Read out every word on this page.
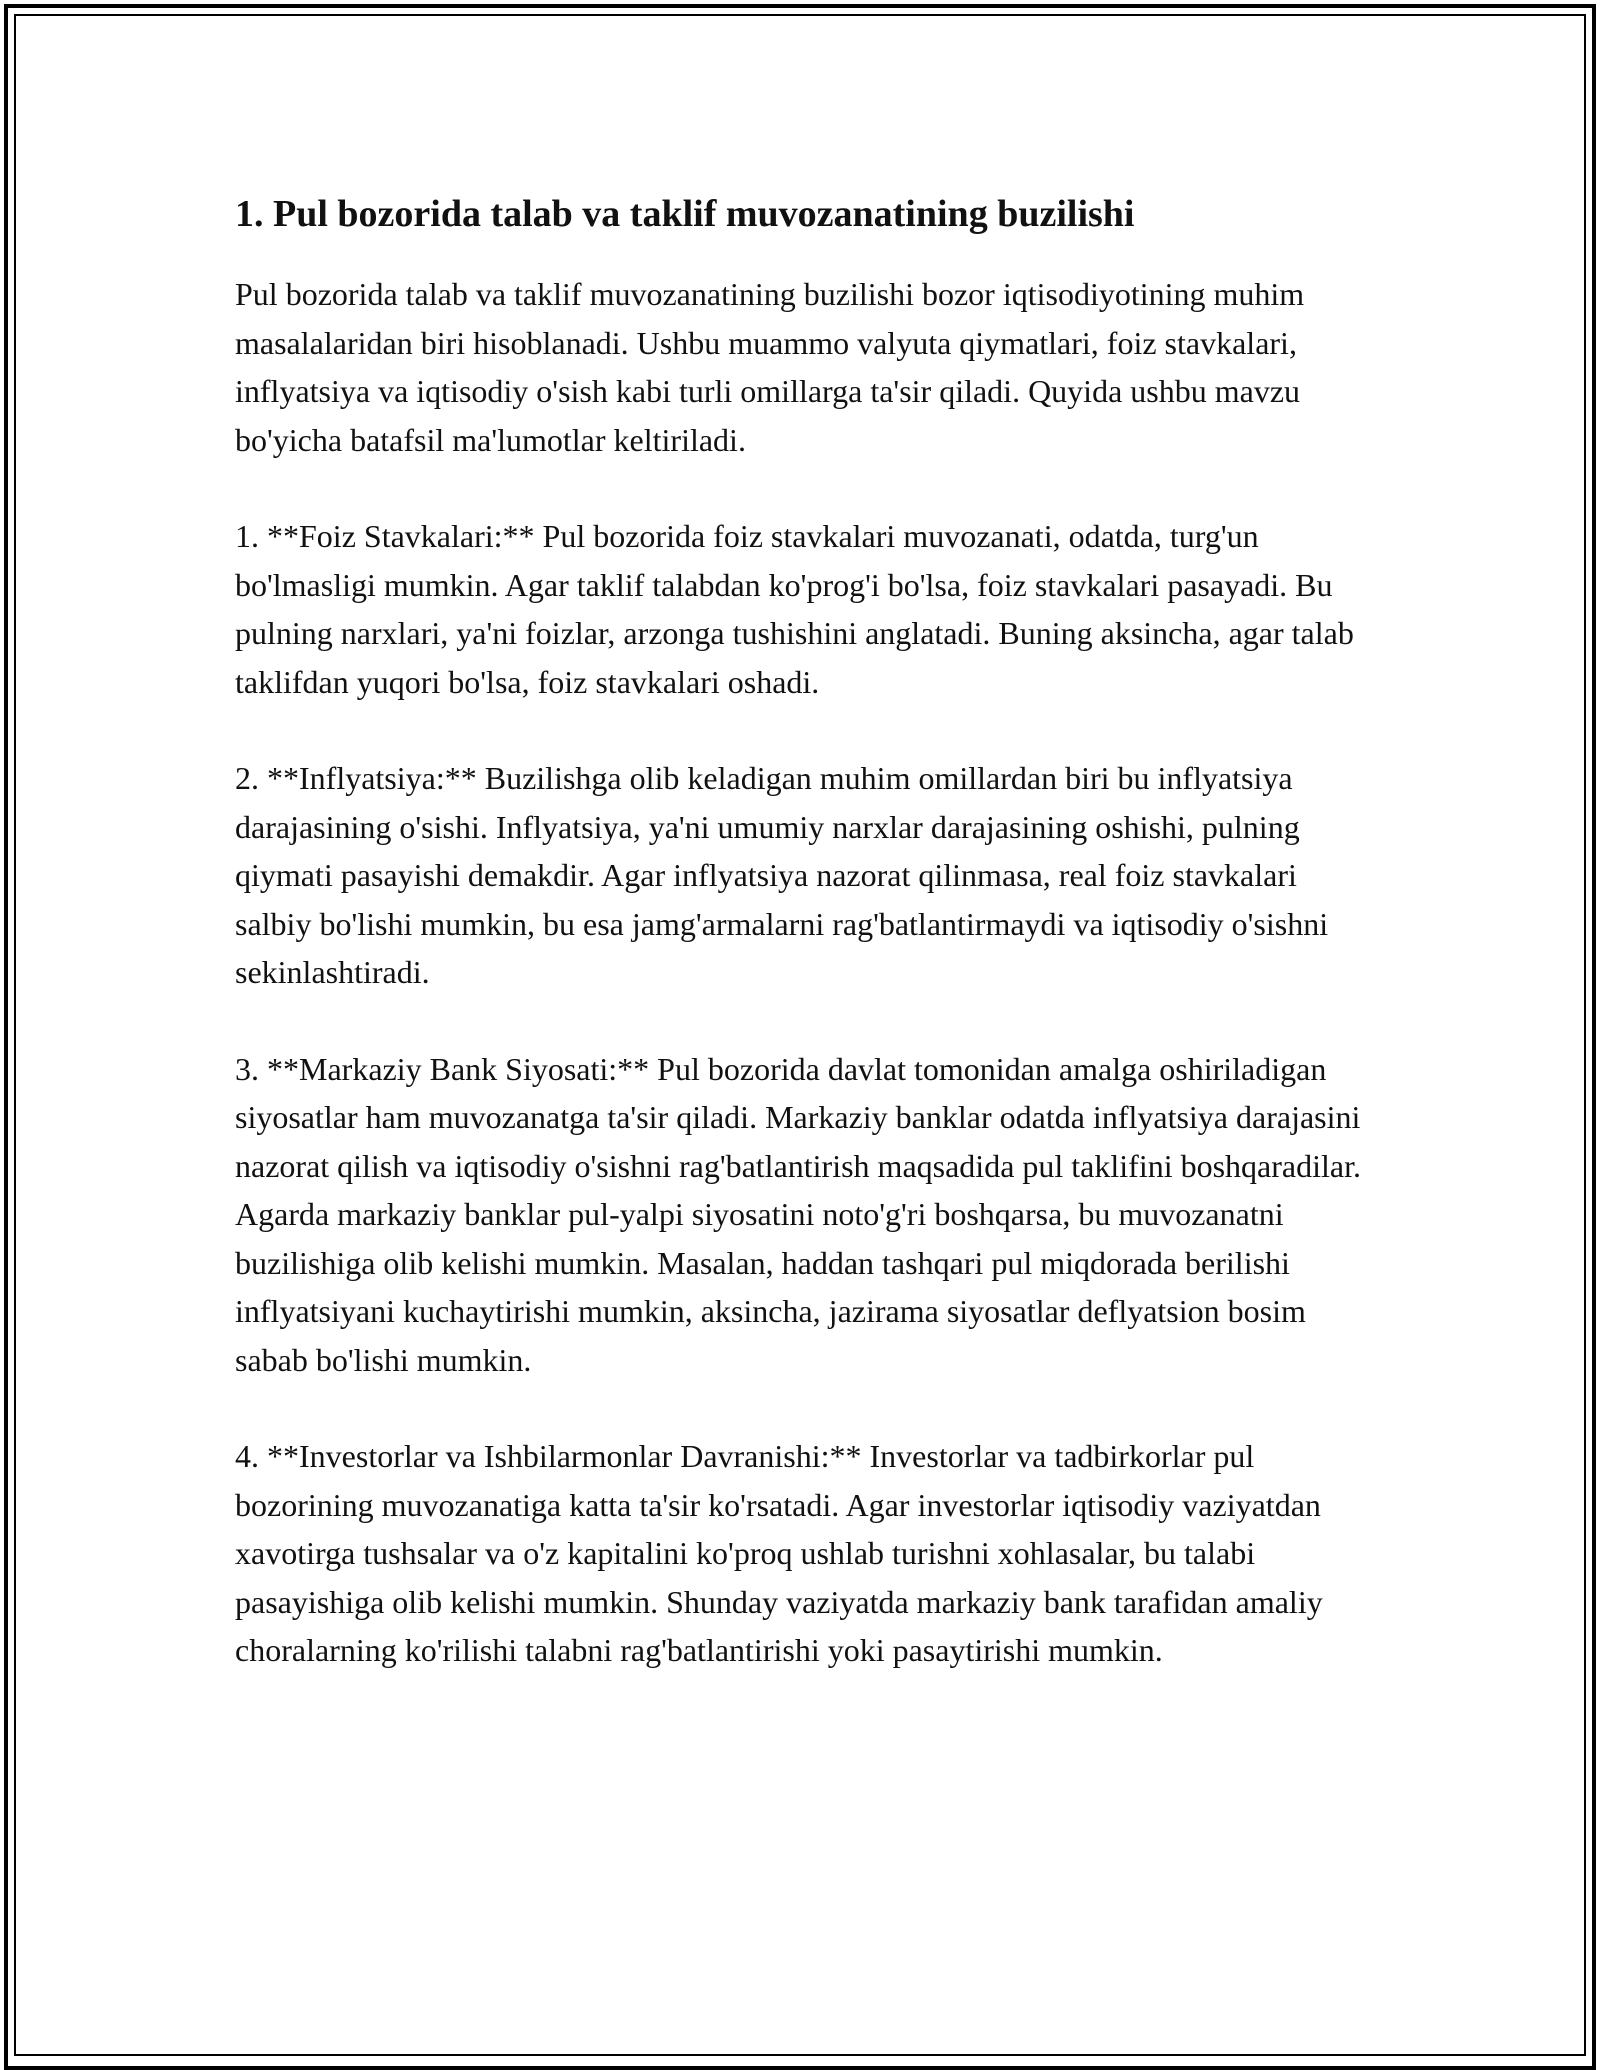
1. Pul bozorida talab va taklif muvozanatining buzilishi

Pul bozorida talab va taklif muvozanatining buzilishi bozor iqtisodiyotining muhim masalalaridan biri hisoblanadi. Ushbu muammo valyuta qiymatlari, foiz stavkalari, inflyatsiya va iqtisodiy o'sish kabi turli omillarga ta'sir qiladi. Quyida ushbu mavzu bo'yicha batafsil ma'lumotlar keltiriladi.

1. **Foiz Stavkalari:** Pul bozorida foiz stavkalari muvozanati, odatda, turg'un bo'lmasligi mumkin. Agar taklif talabdan ko'prog'i bo'lsa, foiz stavkalari pasayadi. Bu pulning narxlari, ya'ni foizlar, arzonga tushishini anglatadi. Buning aksincha, agar talab taklifdan yuqori bo'lsa, foiz stavkalari oshadi.

2. **Inflyatsiya:** Buzilishga olib keladigan muhim omillardan biri bu inflyatsiya darajasining o'sishi. Inflyatsiya, ya'ni umumiy narxlar darajasining oshishi, pulning qiymati pasayishi demakdir. Agar inflyatsiya nazorat qilinmasa, real foiz stavkalari salbiy bo'lishi mumkin, bu esa jamg'armalarni rag'batlantirmaydi va iqtisodiy o'sishni sekinlashtiradi.

3. **Markaziy Bank Siyosati:** Pul bozorida davlat tomonidan amalga oshiriladigan siyosatlar ham muvozanatga ta'sir qiladi. Markaziy banklar odatda inflyatsiya darajasini nazorat qilish va iqtisodiy o'sishni rag'batlantirish maqsadida pul taklifini boshqaradilar. Agarda markaziy banklar pul-yalpi siyosatini noto'g'ri boshqarsa, bu muvozanatni buzilishiga olib kelishi mumkin. Masalan, haddan tashqari pul miqdorada berilishi inflyatsiyani kuchaytirishi mumkin, aksincha, jazirama siyosatlar deflyatsion bosim sabab bo'lishi mumkin.

4. **Investorlar va Ishbilarmonlar Davranishi:** Investorlar va tadbirkorlar pul bozorining muvozanatiga katta ta'sir ko'rsatadi. Agar investorlar iqtisodiy vaziyatdan xavotirga tushsalar va o'z kapitalini ko'proq ushlab turishni xohlasalar, bu talabi pasayishiga olib kelishi mumkin. Shunday vaziyatda markaziy bank tarafidan amaliy choralarning ko'rilishi talabni rag'batlantirishi yoki pasaytirishi mumkin.
